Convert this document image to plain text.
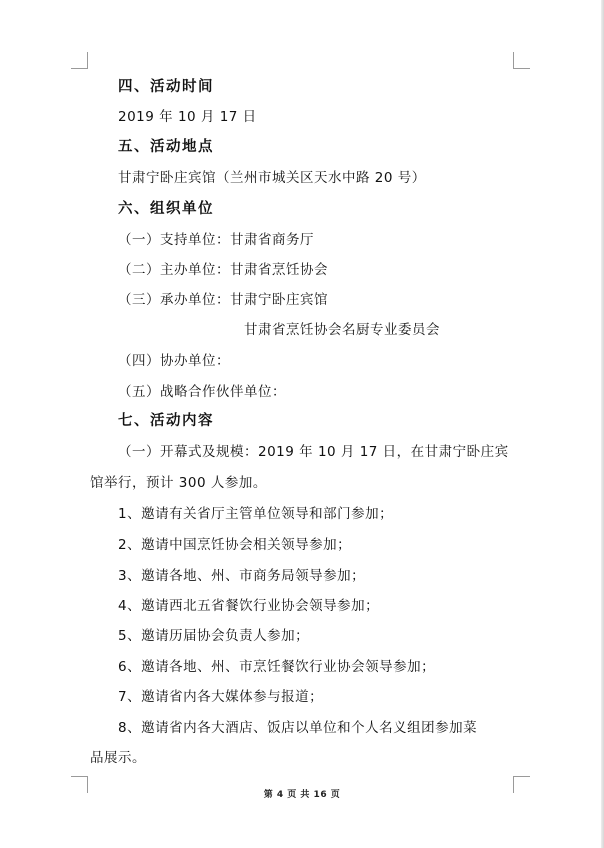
四、活动时间
2019 年 10 月 17 日
五、活动地点
甘肃宁卧庄宾馆（兰州市城关区天水中路 20 号）
六、组织单位
（一）支持单位：甘肃省商务厅
（二）主办单位：甘肃省烹饪协会
（三）承办单位：甘肃宁卧庄宾馆
甘肃省烹饪协会名厨专业委员会
（四）协办单位：
（五）战略合作伙伴单位：
七、活动内容
（一）开幕式及规模：2019 年 10 月 17 日，在甘肃宁卧庄宾
馆举行，预计 300 人参加。
1、邀请有关省厅主管单位领导和部门参加；
2、邀请中国烹饪协会相关领导参加；
3、邀请各地、州、市商务局领导参加；
4、邀请西北五省餐饮行业协会领导参加；
5、邀请历届协会负责人参加；
6、邀请各地、州、市烹饪餐饮行业协会领导参加；
7、邀请省内各大媒体参与报道；
8、邀请省内各大酒店、饭店以单位和个人名义组团参加菜
品展示。
第 4 页 共 16 页
